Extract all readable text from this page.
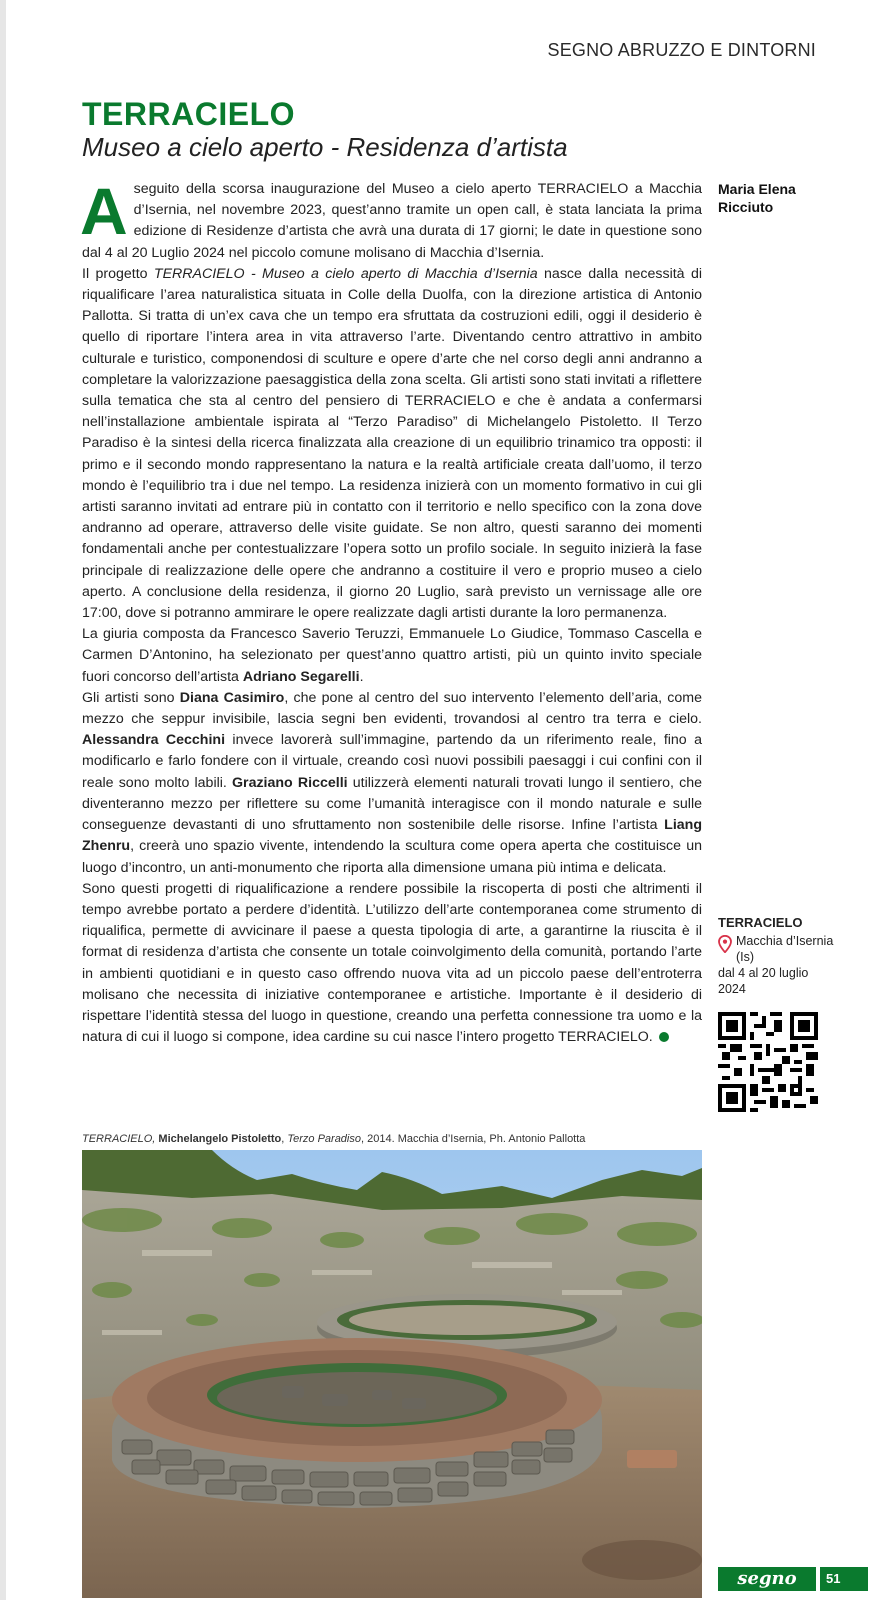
SEGNO ABRUZZO E DINTORNI
TERRACIELO
Museo a cielo aperto - Residenza d’artista
Maria Elena Ricciuto

Aseguito della scorsa inaugurazione del Museo a cielo aperto TERRACIELO a Macchia d’Isernia, nel novembre 2023, quest’anno tramite un open call, è stata lanciata la prima edizione di Residenze d’artista che avrà una durata di 17 giorni; le date in questione sono dal 4 al 20 Luglio 2024 nel piccolo comune molisano di Macchia d’Isernia.

Il progetto TERRACIELO - Museo a cielo aperto di Macchia d’Isernia nasce dalla necessità di riqualificare l’area naturalistica situata in Colle della Duolfa, con la direzione artistica di Antonio Pallotta. Si tratta di un’ex cava che un tempo era sfruttata da costruzioni edili, oggi il desiderio è quello di riportare l’intera area in vita attraverso l’arte. Diventando centro attrattivo in ambito culturale e turistico, componendosi di sculture e opere d’arte che nel corso degli anni andranno a completare la valorizzazione paesaggistica della zona scelta. Gli artisti sono stati invitati a riflettere sulla tematica che sta al centro del pensiero di TERRACIELO e che è andata a confermarsi nell’installazione ambientale ispirata al “Terzo Paradiso” di Michelangelo Pistoletto. Il Terzo Paradiso è la sintesi della ricerca finalizzata alla creazione di un equilibrio trinamico tra opposti: il primo e il secondo mondo rappresentano la natura e la realtà artificiale creata dall’uomo, il terzo mondo è l’equilibrio tra i due nel tempo. La residenza inizierà con un momento formativo in cui gli artisti saranno invitati ad entrare più in contatto con il territorio e nello specifico con la zona dove andranno ad operare, attraverso delle visite guidate. Se non altro, questi saranno dei momenti fondamentali anche per contestualizzare l’opera sotto un profilo sociale. In seguito inizierà la fase principale di realizzazione delle opere che andranno a costituire il vero e proprio museo a cielo aperto. A conclusione della residenza, il giorno 20 Luglio, sarà previsto un vernissage alle ore 17:00, dove si potranno ammirare le opere realizzate dagli artisti durante la loro permanenza.

La giuria composta da Francesco Saverio Teruzzi, Emmanuele Lo Giudice, Tommaso Cascella e Carmen D’Antonino, ha selezionato per quest’anno quattro artisti, più un quinto invito speciale fuori concorso dell’artista Adriano Segarelli.

Gli artisti sono Diana Casimiro, che pone al centro del suo intervento l’elemento dell’aria, come mezzo che seppur invisibile, lascia segni ben evidenti, trovandosi al centro tra terra e cielo. Alessandra Cecchini invece lavorerà sull’immagine, partendo da un riferimento reale, fino a modificarlo e farlo fondere con il virtuale, creando così nuovi possibili paesaggi i cui confini con il reale sono molto labili. Graziano Riccelli utilizzerà elementi naturali trovati lungo il sentiero, che diventeranno mezzo per riflettere su come l’umanità interagisce con il mondo naturale e sulle conseguenze devastanti di uno sfruttamento non sostenibile delle risorse. Infine l’artista Liang Zhenru, creerà uno spazio vivente, intendendo la scultura come opera aperta che costituisce un luogo d’incontro, un anti-monumento che riporta alla dimensione umana più intima e delicata.

Sono questi progetti di riqualificazione a rendere possibile la riscoperta di posti che altrimenti il tempo avrebbe portato a perdere d’identità. L’utilizzo dell’arte contemporanea come strumento di riqualifica, permette di avvicinare il paese a questa tipologia di arte, a garantirne la riuscita è il format di residenza d’artista che consente un totale coinvolgimento della comunità, portando l’arte in ambienti quotidiani e in questo caso offrendo nuova vita ad un piccolo paese dell’entroterra molisano che necessita di iniziative contemporanee e artistiche. Importante è il desiderio di rispettare l’identità stessa del luogo in questione, creando una perfetta connessione tra uomo e la natura di cui il luogo si compone, idea cardine su cui nasce l’intero progetto TERRACIELO.

TERRACIELO
Macchia d’Isernia (Is)
dal 4 al 20 luglio 2024
TERRACIELO, Michelangelo Pistoletto, Terzo Paradiso, 2014. Macchia d’Isernia, Ph. Antonio Pallotta
segno	51
